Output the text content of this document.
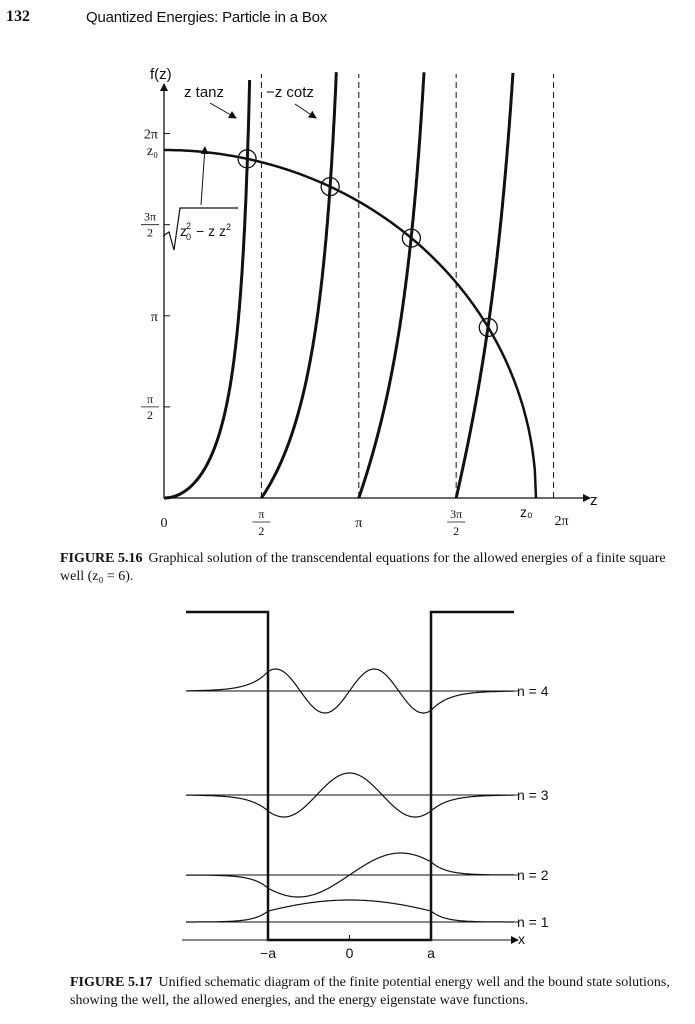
132	Quantized Energies: Particle in a Box
2π
z₀
3π
2
π
π
2
0
π
2	π
3π
2
2π
f(z)
z
z tanz	−z cotz
z02 − z $z^2$
z₀
FIGURE 5.16 Graphical solution of the transcendental equations for the allowed energies of a finite square well (z₀ = 6).
x
−a	0	a
n = 4
n = 3
n = 2
n = 1
FIGURE 5.17 Unified schematic diagram of the finite potential energy well and the bound state solutions, showing the well, the allowed energies, and the energy eigenstate wave functions.
